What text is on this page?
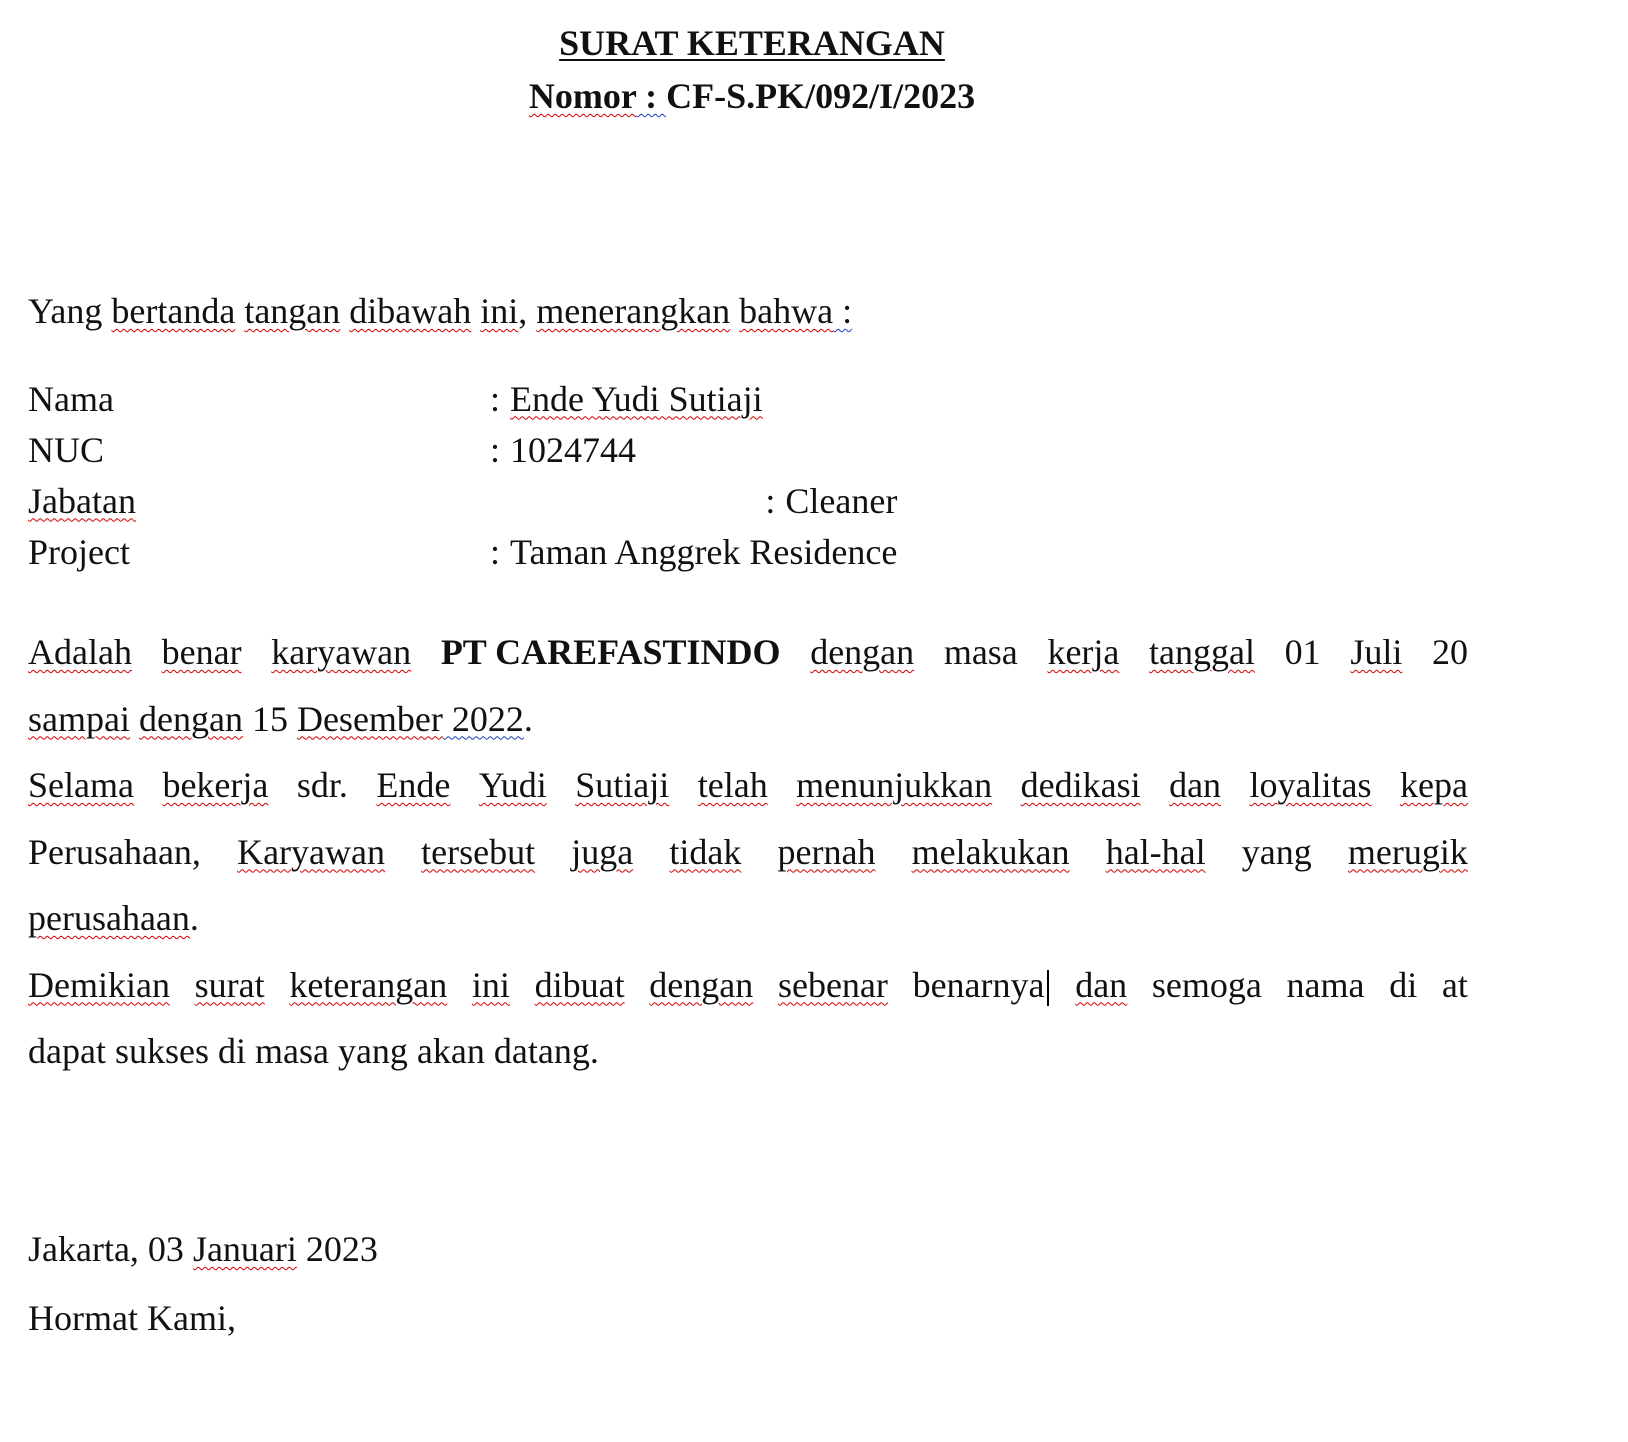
SURAT KETERANGAN
Nomor : CF-S.PK/092/I/2023
Yang bertanda tangan dibawah ini, menerangkan bahwa :
Nama	: Ende Yudi Sutiaji
NUC	: 1024744
Jabatan	: Cleaner
Project	: Taman Anggrek Residence
Adalah benar karyawan PT CAREFASTINDO dengan masa kerja tanggal 01 Juli 20
sampai dengan 15 Desember 2022.
Selama bekerja sdr. Ende Yudi Sutiaji telah menunjukkan dedikasi dan loyalitas kepa
Perusahaan, Karyawan tersebut juga tidak pernah melakukan hal-hal yang merugik
perusahaan.
Demikian surat keterangan ini dibuat dengan sebenar benarnya dan semoga nama di at
dapat sukses di masa yang akan datang.
Jakarta, 03 Januari 2023
Hormat Kami,
